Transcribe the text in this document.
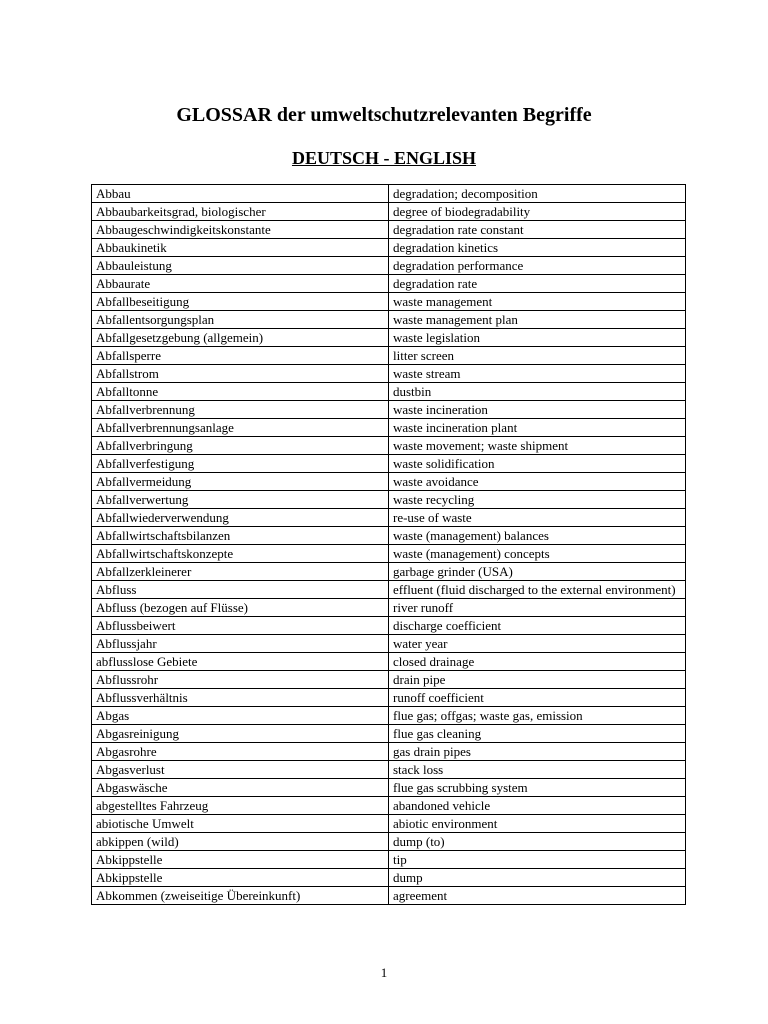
GLOSSAR der umweltschutzrelevanten Begriffe
DEUTSCH - ENGLISH
Abbau	degradation; decomposition
Abbaubarkeitsgrad, biologischer	degree of biodegradability
Abbaugeschwindigkeitskonstante	degradation rate constant
Abbaukinetik	degradation kinetics
Abbauleistung	degradation performance
Abbaurate	degradation rate
Abfallbeseitigung	waste management
Abfallentsorgungsplan	waste management plan
Abfallgesetzgebung (allgemein)	waste legislation
Abfallsperre	litter screen
Abfallstrom	waste stream
Abfalltonne	dustbin
Abfallverbrennung	waste incineration
Abfallverbrennungsanlage	waste incineration plant
Abfallverbringung	waste movement; waste shipment
Abfallverfestigung	waste solidification
Abfallvermeidung	waste avoidance
Abfallverwertung	waste recycling
Abfallwiederverwendung	re-use of waste
Abfallwirtschaftsbilanzen	waste (management) balances
Abfallwirtschaftskonzepte	waste (management) concepts
Abfallzerkleinerer	garbage grinder (USA)
Abfluss	effluent (fluid discharged to the external environment)
Abfluss (bezogen auf Flüsse)	river runoff
Abflussbeiwert	discharge coefficient
Abflussjahr	water year
abflusslose Gebiete	closed drainage
Abflussrohr	drain pipe
Abflussverhältnis	runoff coefficient
Abgas	flue gas; offgas; waste gas, emission
Abgasreinigung	flue gas cleaning
Abgasrohre	gas drain pipes
Abgasverlust	stack loss
Abgaswäsche	flue gas scrubbing system
abgestelltes Fahrzeug	abandoned vehicle
abiotische Umwelt	abiotic environment
abkippen (wild)	dump (to)
Abkippstelle	tip
Abkippstelle	dump
Abkommen (zweiseitige Übereinkunft)	agreement
1
